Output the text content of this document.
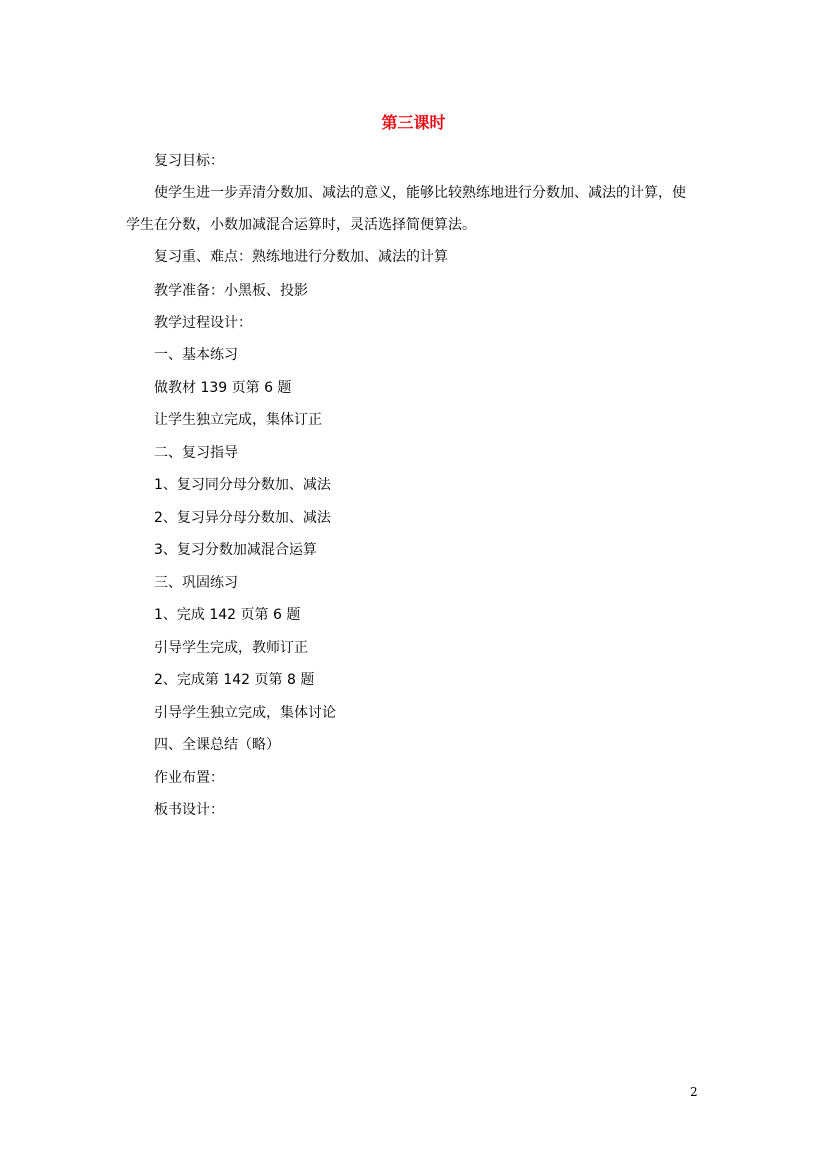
第三课时
复习目标：
使学生进一步弄清分数加、减法的意义，能够比较熟练地进行分数加、减法的计算，使
学生在分数，小数加减混合运算时，灵活选择简便算法。
复习重、难点：熟练地进行分数加、减法的计算
教学准备：小黑板、投影
教学过程设计：
一、基本练习
做教材 139 页第 6 题
让学生独立完成，集体订正
二、复习指导
1、复习同分母分数加、减法
2、复习异分母分数加、减法
3、复习分数加减混合运算
三、巩固练习
1、完成 142 页第 6 题
引导学生完成，教师订正
2、完成第 142 页第 8 题
引导学生独立完成，集体讨论
四、全课总结（略）
作业布置：
板书设计：
2
